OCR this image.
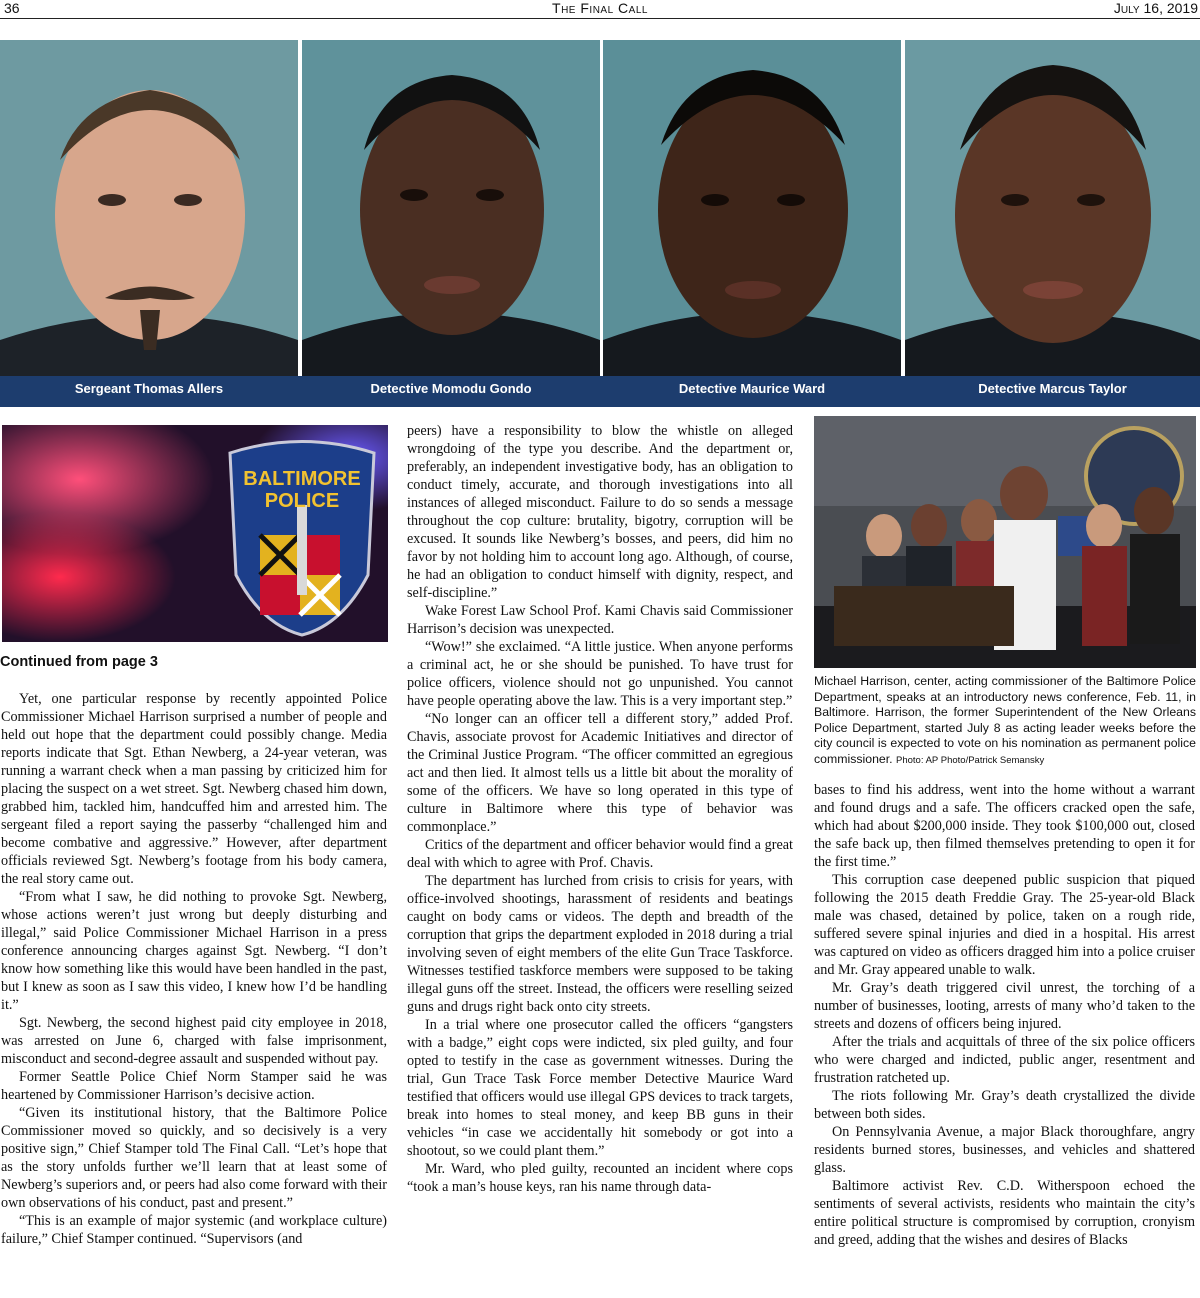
36	The Final Call	July 16, 2019
Sergeant Thomas Allers	Detective Momodu Gondo	Detective Maurice Ward	Detective Marcus Taylor
BALTIMORE
POLICE
Continued from page 3

Yet, one particular response by recently appointed Police Commissioner Michael Harrison surprised a number of people and held out hope that the department could possibly change. Media reports indicate that Sgt. Ethan Newberg, a 24-year veteran, was running a warrant check when a man passing by criticized him for placing the suspect on a wet street. Sgt. Newberg chased him down, grabbed him, tackled him, handcuffed him and arrested him. The sergeant filed a report saying the passerby “challenged him and become combative and aggressive.” However, after department officials reviewed Sgt. Newberg’s footage from his body camera, the real story came out.

“From what I saw, he did nothing to provoke Sgt. Newberg, whose actions weren’t just wrong but deeply disturbing and illegal,” said Police Commissioner Michael Harrison in a press conference announcing charges against Sgt. Newberg. “I don’t know how something like this would have been handled in the past, but I knew as soon as I saw this video, I knew how I’d be handling it.”

Sgt. Newberg, the second highest paid city employee in 2018, was arrested on June 6, charged with false imprisonment, misconduct and second-degree assault and suspended without pay.

Former Seattle Police Chief Norm Stamper said he was heartened by Commissioner Harrison’s decisive action.

“Given its institutional history, that the Baltimore Police Commissioner moved so quickly, and so decisively is a very positive sign,” Chief Stamper told The Final Call. “Let’s hope that as the story unfolds further we’ll learn that at least some of Newberg’s superiors and, or peers had also come forward with their own observations of his conduct, past and present.”

“This is an example of major systemic (and workplace culture) failure,” Chief Stamper continued. “Supervisors (and

peers) have a responsibility to blow the whistle on alleged wrongdoing of the type you describe. And the department or, preferably, an independent investigative body, has an obligation to conduct timely, accurate, and thorough investigations into all instances of alleged misconduct. Failure to do so sends a message throughout the cop culture: brutality, bigotry, corruption will be excused. It sounds like Newberg’s bosses, and peers, did him no favor by not holding him to account long ago. Although, of course, he had an obligation to conduct himself with dignity, respect, and self-discipline.”

Wake Forest Law School Prof. Kami Chavis said Commissioner Harrison’s decision was unexpected.

“Wow!” she exclaimed. “A little justice. When anyone performs a criminal act, he or she should be punished. To have trust for police officers, violence should not go unpunished. You cannot have people operating above the law. This is a very important step.”

“No longer can an officer tell a different story,” added Prof. Chavis, associate provost for Academic Initiatives and director of the Criminal Justice Program. “The officer committed an egregious act and then lied. It almost tells us a little bit about the morality of some of the officers. We have so long operated in this type of culture in Baltimore where this type of behavior was commonplace.”

Critics of the department and officer behavior would find a great deal with which to agree with Prof. Chavis.

The department has lurched from crisis to crisis for years, with office-involved shootings, harassment of residents and beatings caught on body cams or videos. The depth and breadth of the corruption that grips the department exploded in 2018 during a trial involving seven of eight members of the elite Gun Trace Taskforce. Witnesses testified taskforce members were supposed to be taking illegal guns off the street. Instead, the officers were reselling seized guns and drugs right back onto city streets.

In a trial where one prosecutor called the officers “gangsters with a badge,” eight cops were indicted, six pled guilty, and four opted to testify in the case as government witnesses. During the trial, Gun Trace Task Force member Detective Maurice Ward testified that officers would use illegal GPS devices to track targets, break into homes to steal money, and keep BB guns in their vehicles “in case we accidentally hit somebody or got into a shootout, so we could plant them.”

Mr. Ward, who pled guilty, recounted an incident where cops “took a man’s house keys, ran his name through data-

Michael Harrison, center, acting commissioner of the Baltimore Police Department, speaks at an introductory news conference, Feb. 11, in Baltimore. Harrison, the former Superintendent of the New Orleans Police Department, started July 8 as acting leader weeks before the city council is expected to vote on his nomination as permanent police commissioner. Photo: AP Photo/Patrick Semansky

bases to find his address, went into the home without a warrant and found drugs and a safe. The officers cracked open the safe, which had about $200,000 inside. They took $100,000 out, closed the safe back up, then filmed themselves pretending to open it for the first time.”

This corruption case deepened public suspicion that piqued following the 2015 death Freddie Gray. The 25-year-old Black male was chased, detained by police, taken on a rough ride, suffered severe spinal injuries and died in a hospital. His arrest was captured on video as officers dragged him into a police cruiser and Mr. Gray appeared unable to walk.

Mr. Gray’s death triggered civil unrest, the torching of a number of businesses, looting, arrests of many who’d taken to the streets and dozens of officers being injured.

After the trials and acquittals of three of the six police officers who were charged and indicted, public anger, resentment and frustration ratcheted up.

The riots following Mr. Gray’s death crystallized the divide between both sides.

On Pennsylvania Avenue, a major Black thoroughfare, angry residents burned stores, businesses, and vehicles and shattered glass.

Baltimore activist Rev. C.D. Witherspoon echoed the sentiments of several activists, residents who maintain the city’s entire political structure is compromised by corruption, cronyism and greed, adding that the wishes and desires of Blacks
